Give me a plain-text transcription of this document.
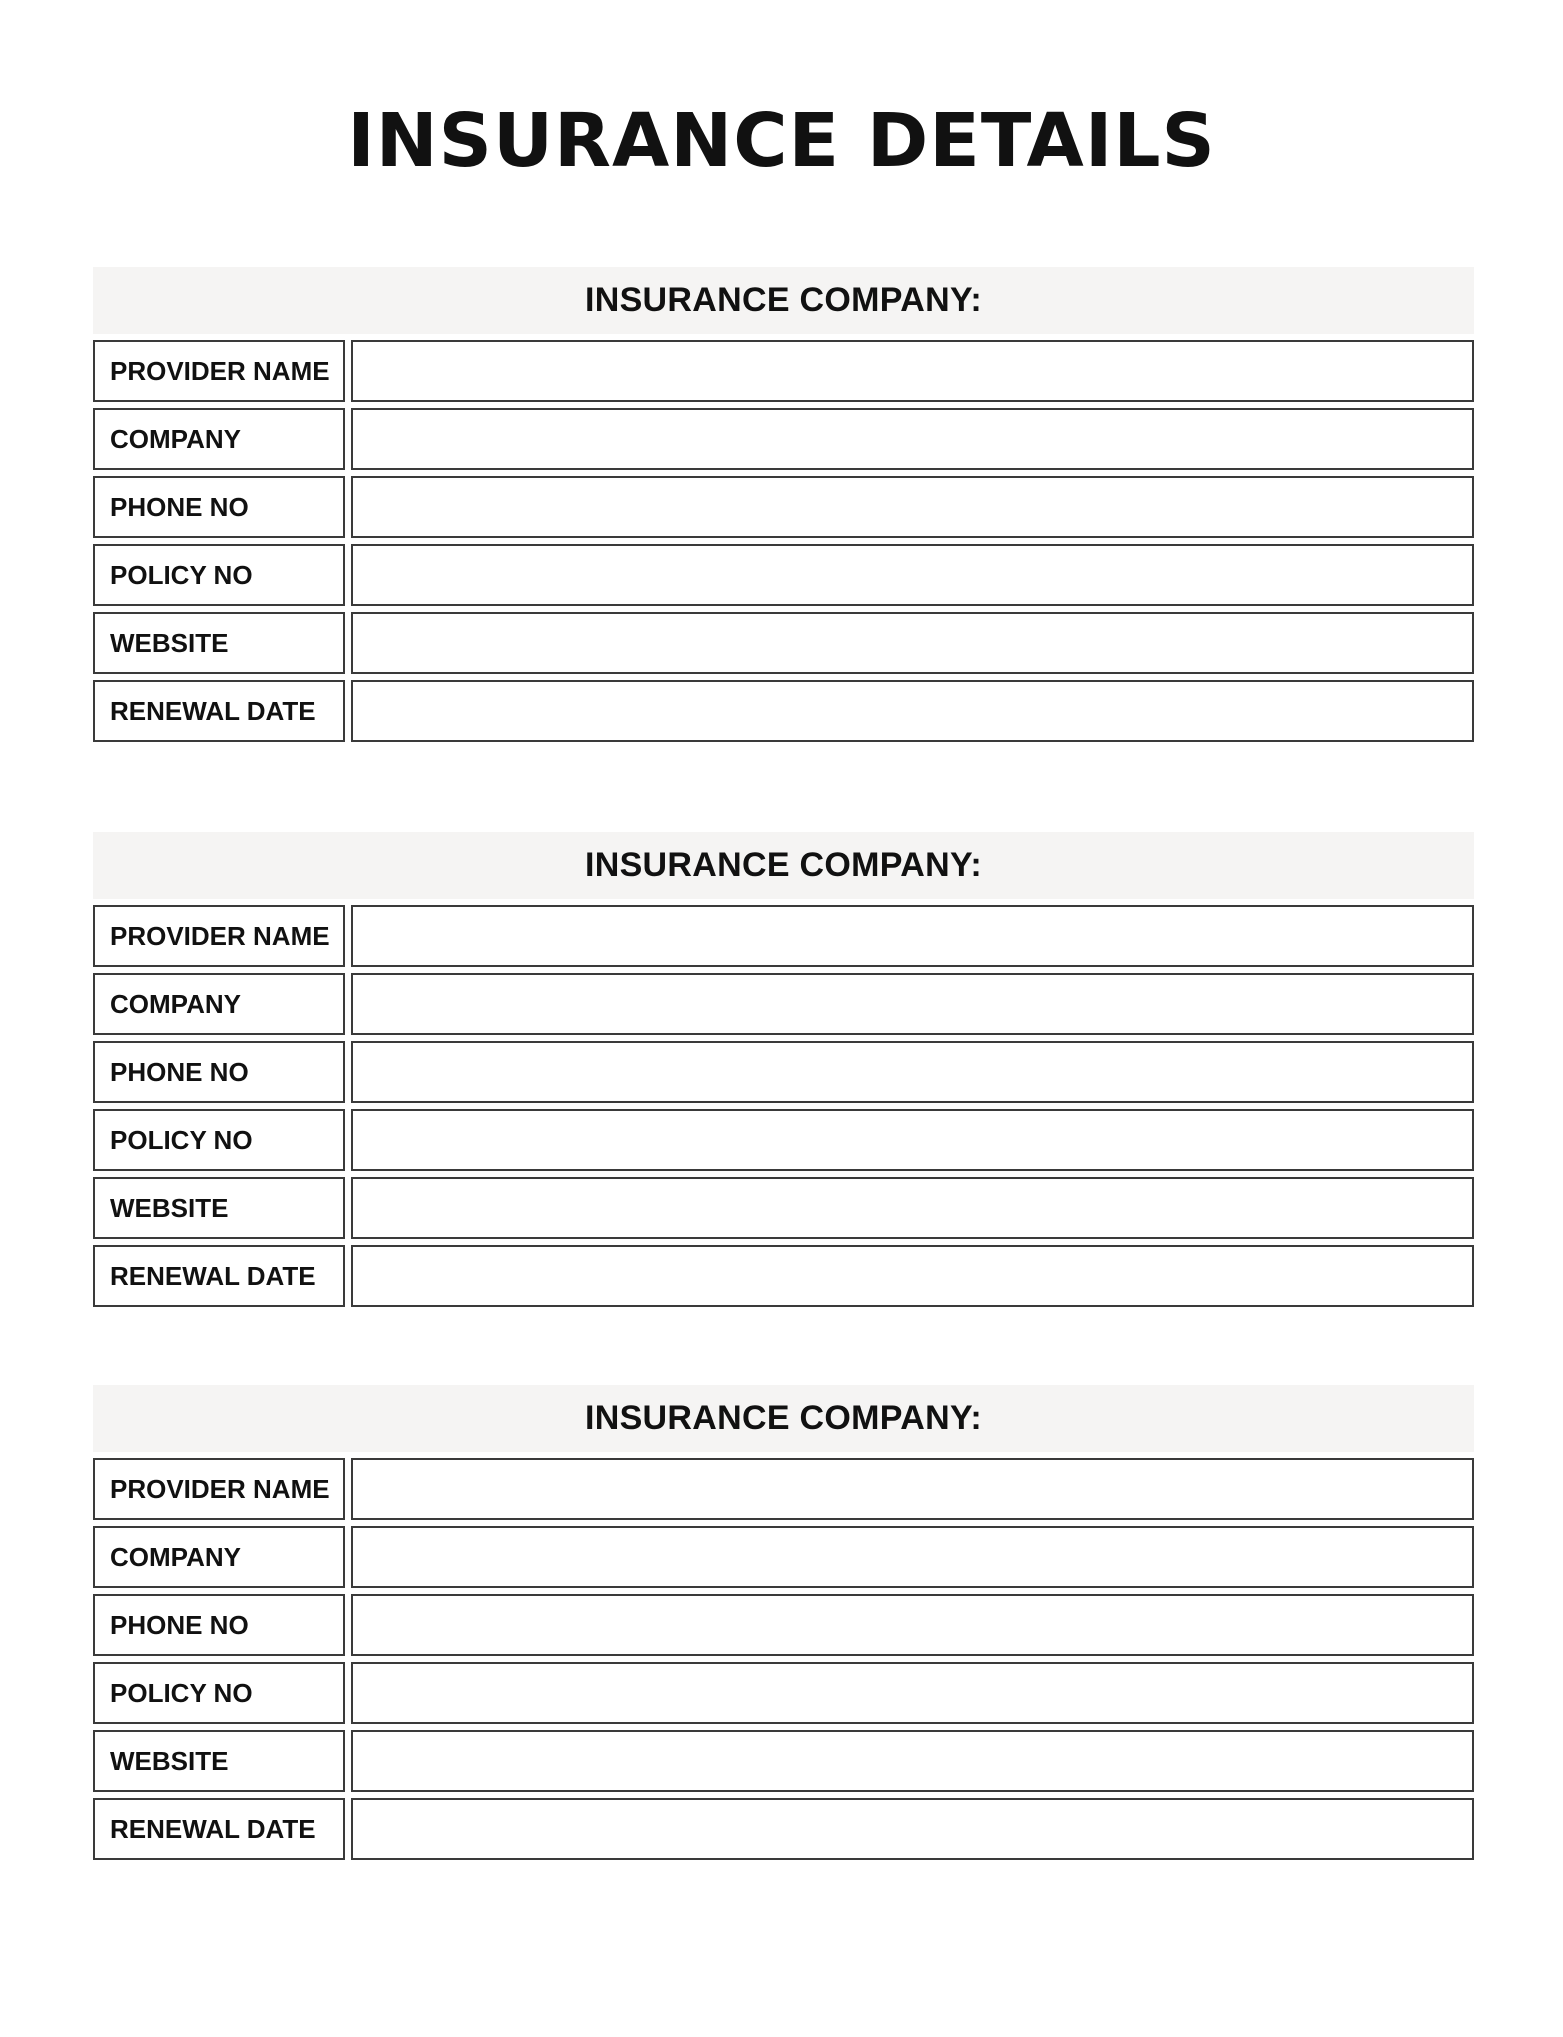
INSURANCE DETAILS
INSURANCE COMPANY:
PROVIDER NAME
COMPANY
PHONE NO
POLICY NO
WEBSITE
RENEWAL DATE
INSURANCE COMPANY:
PROVIDER NAME
COMPANY
PHONE NO
POLICY NO
WEBSITE
RENEWAL DATE
INSURANCE COMPANY:
PROVIDER NAME
COMPANY
PHONE NO
POLICY NO
WEBSITE
RENEWAL DATE
